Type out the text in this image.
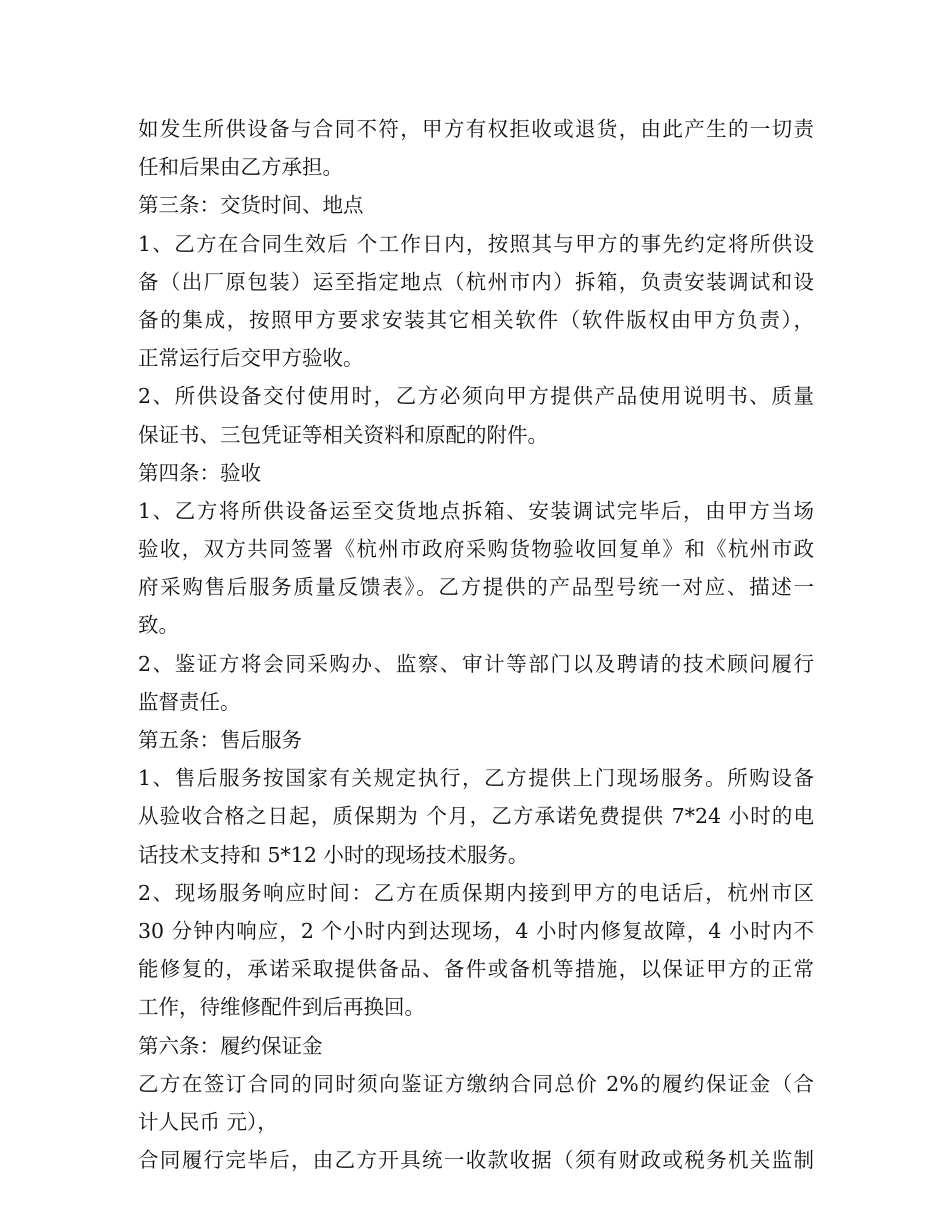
如发生所供设备与合同不符，甲方有权拒收或退货，由此产生的一切责
任和后果由乙方承担。
第三条：交货时间、地点
1、乙方在合同生效后 个工作日内，按照其与甲方的事先约定将所供设
备（出厂原包装）运至指定地点（杭州市内）拆箱，负责安装调试和设
备的集成，按照甲方要求安装其它相关软件（软件版权由甲方负责），
正常运行后交甲方验收。
2、所供设备交付使用时，乙方必须向甲方提供产品使用说明书、质量
保证书、三包凭证等相关资料和原配的附件。
第四条：验收
1、乙方将所供设备运至交货地点拆箱、安装调试完毕后，由甲方当场
验收，双方共同签署《杭州市政府采购货物验收回复单》和《杭州市政
府采购售后服务质量反馈表》。乙方提供的产品型号统一对应、描述一
致。
2、鉴证方将会同采购办、监察、审计等部门以及聘请的技术顾问履行
监督责任。
第五条：售后服务
1、售后服务按国家有关规定执行，乙方提供上门现场服务。所购设备
从验收合格之日起，质保期为 个月，乙方承诺免费提供 7*24 小时的电
话技术支持和 5*12 小时的现场技术服务。
2、现场服务响应时间：乙方在质保期内接到甲方的电话后，杭州市区
30 分钟内响应，2 个小时内到达现场，4 小时内修复故障，4 小时内不
能修复的，承诺采取提供备品、备件或备机等措施，以保证甲方的正常
工作，待维修配件到后再换回。
第六条：履约保证金
乙方在签订合同的同时须向鉴证方缴纳合同总价 2%的履约保证金（合
计人民币 元），
合同履行完毕后，由乙方开具统一收款收据（须有财政或税务机关监制
